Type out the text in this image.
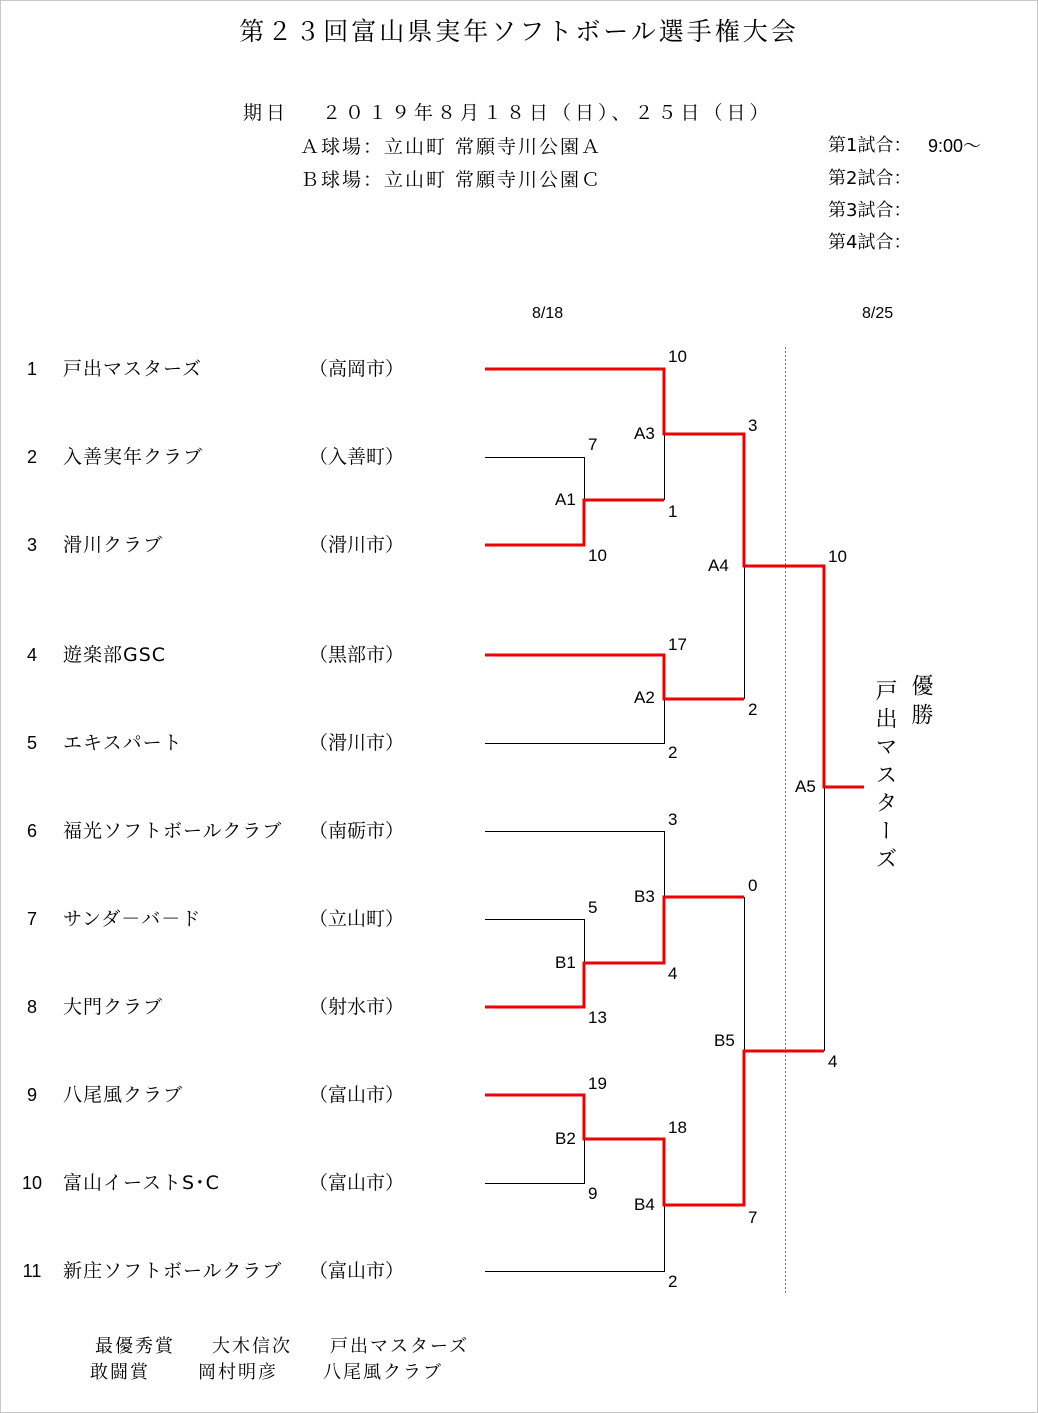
第２３回富山県実年ソフトボール選手権大会
期日 ２０１９年８月１８日（日）、２５日（日）
Ａ球場：立山町 常願寺川公園Ａ
Ｂ球場：立山町 常願寺川公園Ｃ
第1試合： 9:00～
第2試合：
第3試合：
第4試合：
8/18	8/25
1	戸出マスターズ	（高岡市）
2	入善実年クラブ	（入善町）
3	滑川クラブ	（滑川市）
4	遊楽部GSC	（黒部市）
5	エキスパート	（滑川市）
6	福光ソフトボールクラブ （南砺市）
7	サンダ－バ－ド	（立山町）
8	大門クラブ	（射水市）
9	八尾風クラブ	（富山市）
10	富山イーストS･C	（富山市）
11	新庄ソフトボールクラブ （富山市）
A1
7
10
A2
17
2
A3
10
1
A4
3
2
A5
10
4
B1
5
13
B2
19
9
B3
3
4
B4
18
2
B5
0
7
優勝
戸出マスターズ
最優秀賞 大木信次 戸出マスターズ
敢闘賞	岡村明彦	八尾風クラブ
